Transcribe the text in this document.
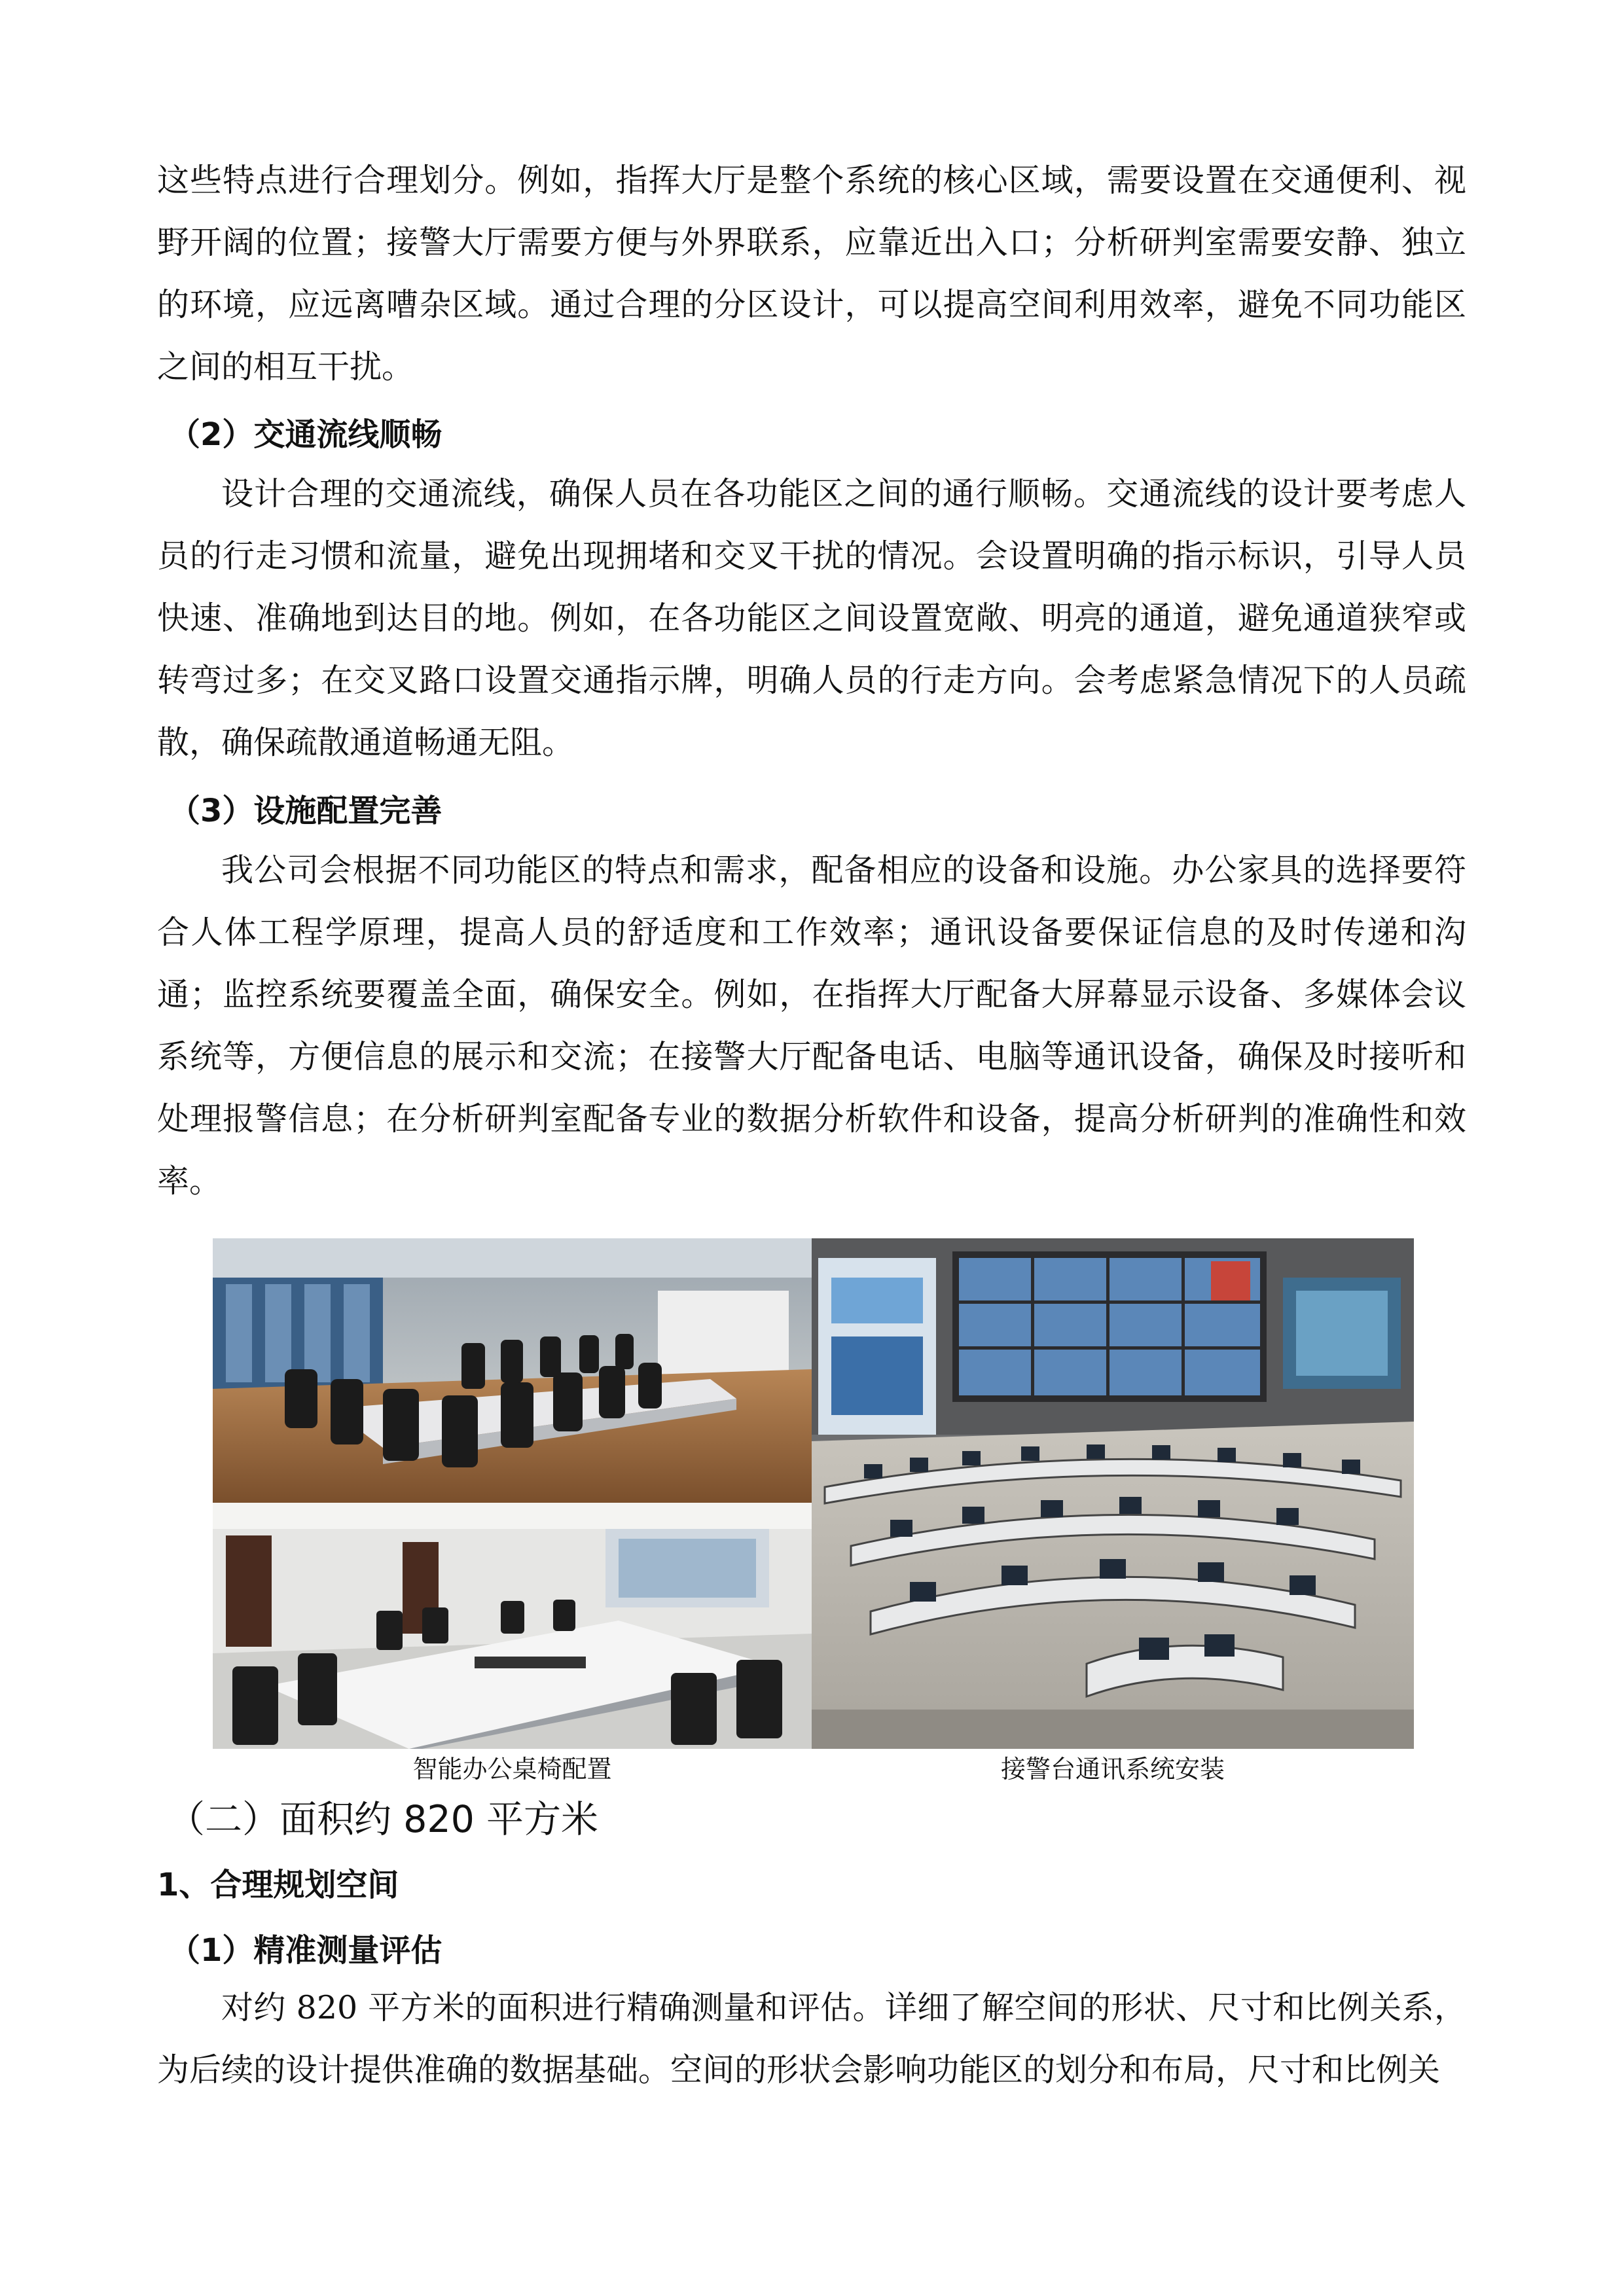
这些特点进行合理划分。例如，指挥大厅是整个系统的核心区域，需要设置在交通便利、视野开阔的位置；接警大厅需要方便与外界联系，应靠近出入口；分析研判室需要安静、独立的环境，应远离嘈杂区域。通过合理的分区设计，可以提高空间利用效率，避免不同功能区之间的相互干扰。

（2）交通流线顺畅

设计合理的交通流线，确保人员在各功能区之间的通行顺畅。交通流线的设计要考虑人员的行走习惯和流量，避免出现拥堵和交叉干扰的情况。会设置明确的指示标识，引导人员快速、准确地到达目的地。例如，在各功能区之间设置宽敞、明亮的通道，避免通道狭窄或转弯过多；在交叉路口设置交通指示牌，明确人员的行走方向。会考虑紧急情况下的人员疏散，确保疏散通道畅通无阻。

（3）设施配置完善

我公司会根据不同功能区的特点和需求，配备相应的设备和设施。办公家具的选择要符合人体工程学原理，提高人员的舒适度和工作效率；通讯设备要保证信息的及时传递和沟通；监控系统要覆盖全面，确保安全。例如，在指挥大厅配备大屏幕显示设备、多媒体会议系统等，方便信息的展示和交流；在接警大厅配备电话、电脑等通讯设备，确保及时接听和处理报警信息；在分析研判室配备专业的数据分析软件和设备，提高分析研判的准确性和效率。

智能办公桌椅配置	接警台通讯系统安装

（二）面积约 820 平方米

1、合理规划空间

（1）精准测量评估

对约 820 平方米的面积进行精确测量和评估。详细了解空间的形状、尺寸和比例关系，为后续的设计提供准确的数据基础。空间的形状会影响功能区的划分和布局，尺寸和比例关
